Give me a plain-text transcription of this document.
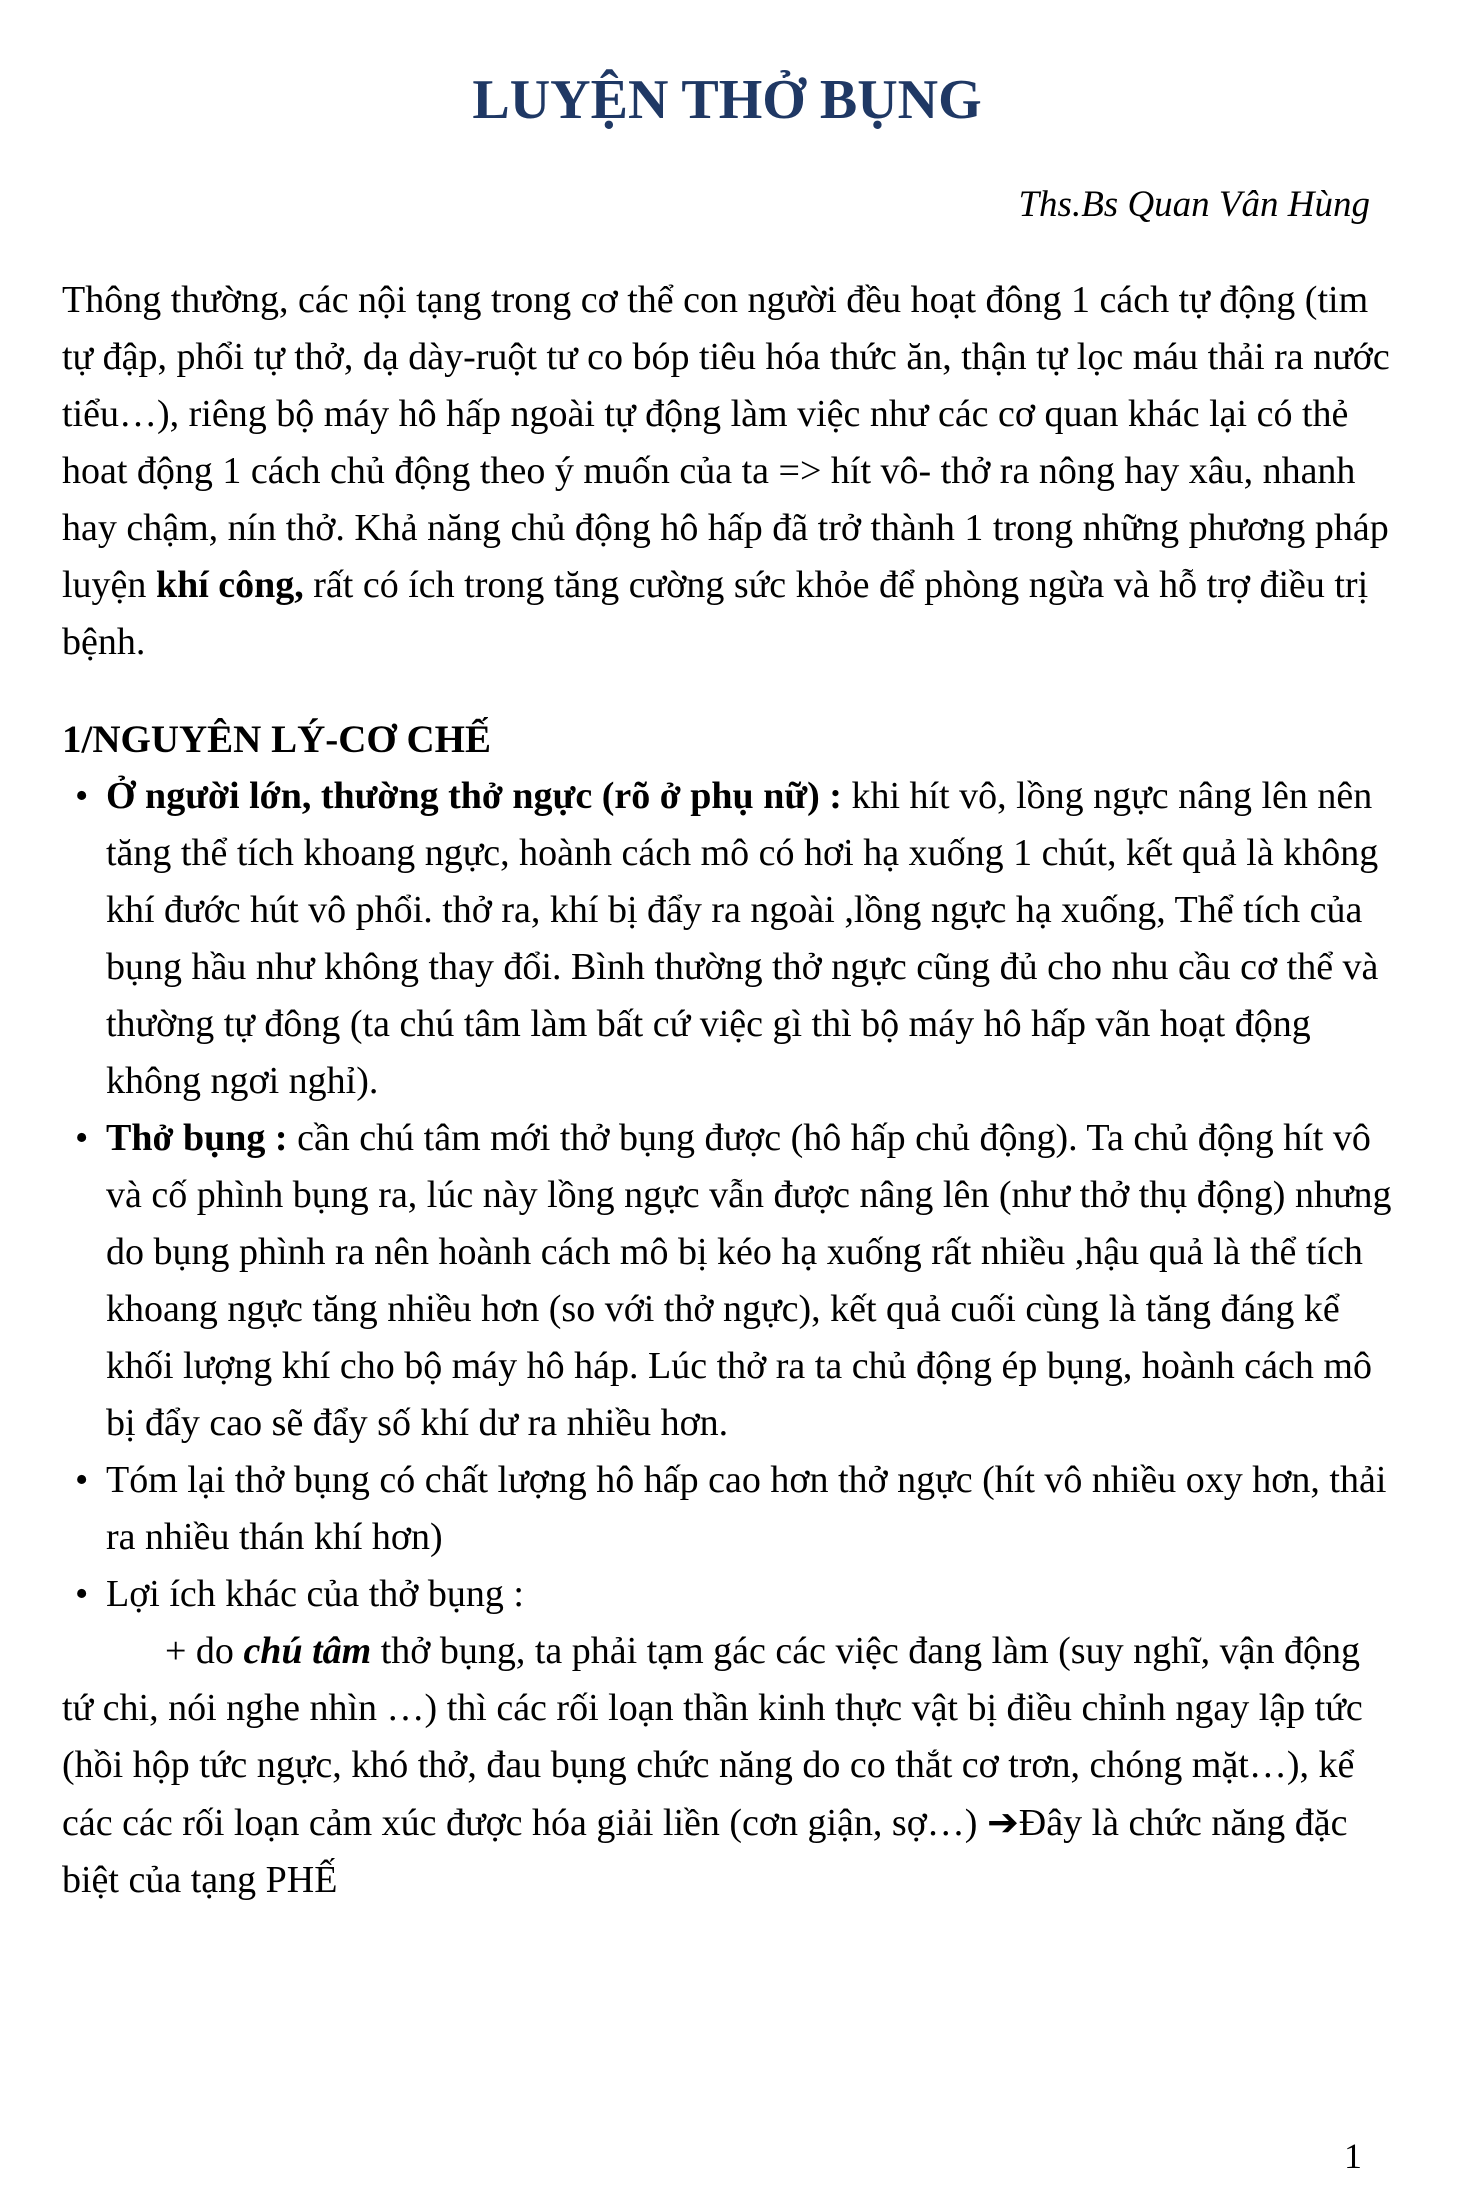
LUYỆN THỞ BỤNG

Ths.Bs Quan Vân Hùng

Thông thường, các nội tạng trong cơ thể con người đều hoạt đông 1 cách tự động (tim tự đập, phổi tự thở, dạ dày-ruột tư co bóp tiêu hóa thức ăn, thận tự lọc máu thải ra nước tiểu…), riêng bộ máy hô hấp ngoài tự động làm việc như các cơ quan khác lại có thẻ hoat động 1 cách chủ động theo ý muốn của ta => hít vô- thở ra nông hay xâu, nhanh hay chậm, nín thở. Khả năng chủ động hô hấp đã trở thành 1 trong những phương pháp luyện khí công, rất có ích trong tăng cường sức khỏe để phòng ngừa và hỗ trợ điều trị bệnh.

1/NGUYÊN LÝ-CƠ CHẾ
• Ở người lớn, thường thở ngực (rõ ở phụ nữ) : khi hít vô, lồng ngực nâng lên nên tăng thể tích khoang ngực, hoành cách mô có hơi hạ xuống 1 chút, kết quả là không khí đước hút vô phổi. thở ra, khí bị đẩy ra ngoài ,lồng ngực hạ xuống, Thể tích của bụng hầu như không thay đổi. Bình thường thở ngực cũng đủ cho nhu cầu cơ thể và thường tự đông (ta chú tâm làm bất cứ việc gì thì bộ máy hô hấp vãn hoạt động không ngơi nghỉ).
• Thở bụng : cần chú tâm mới thở bụng được (hô hấp chủ động). Ta chủ động hít vô và cố phình bụng ra, lúc này lồng ngực vẫn được nâng lên (như thở thụ động) nhưng do bụng phình ra nên hoành cách mô bị kéo hạ xuống rất nhiều ,hậu quả là thể tích khoang ngực tăng nhiều hơn (so với thở ngực), kết quả cuối cùng là tăng đáng kể khối lượng khí cho bộ máy hô háp. Lúc thở ra ta chủ động ép bụng, hoành cách mô bị đẩy cao sẽ đẩy số khí dư ra nhiều hơn.
• Tóm lại thở bụng có chất lượng hô hấp cao hơn thở ngực (hít vô nhiều oxy hơn, thải ra nhiều thán khí hơn)
• Lợi ích khác của thở bụng :

+ do chú tâm thở bụng, ta phải tạm gác các việc đang làm (suy nghĩ, vận động tứ chi, nói nghe nhìn …) thì các rối loạn thần kinh thực vật bị điều chỉnh ngay lập tức (hồi hộp tức ngực, khó thở, đau bụng chức năng do co thắt cơ trơn, chóng mặt…), kể các các rối loạn cảm xúc được hóa giải liền (cơn giận, sợ…) ➔Đây là chức năng đặc biệt của tạng PHẾ

1
